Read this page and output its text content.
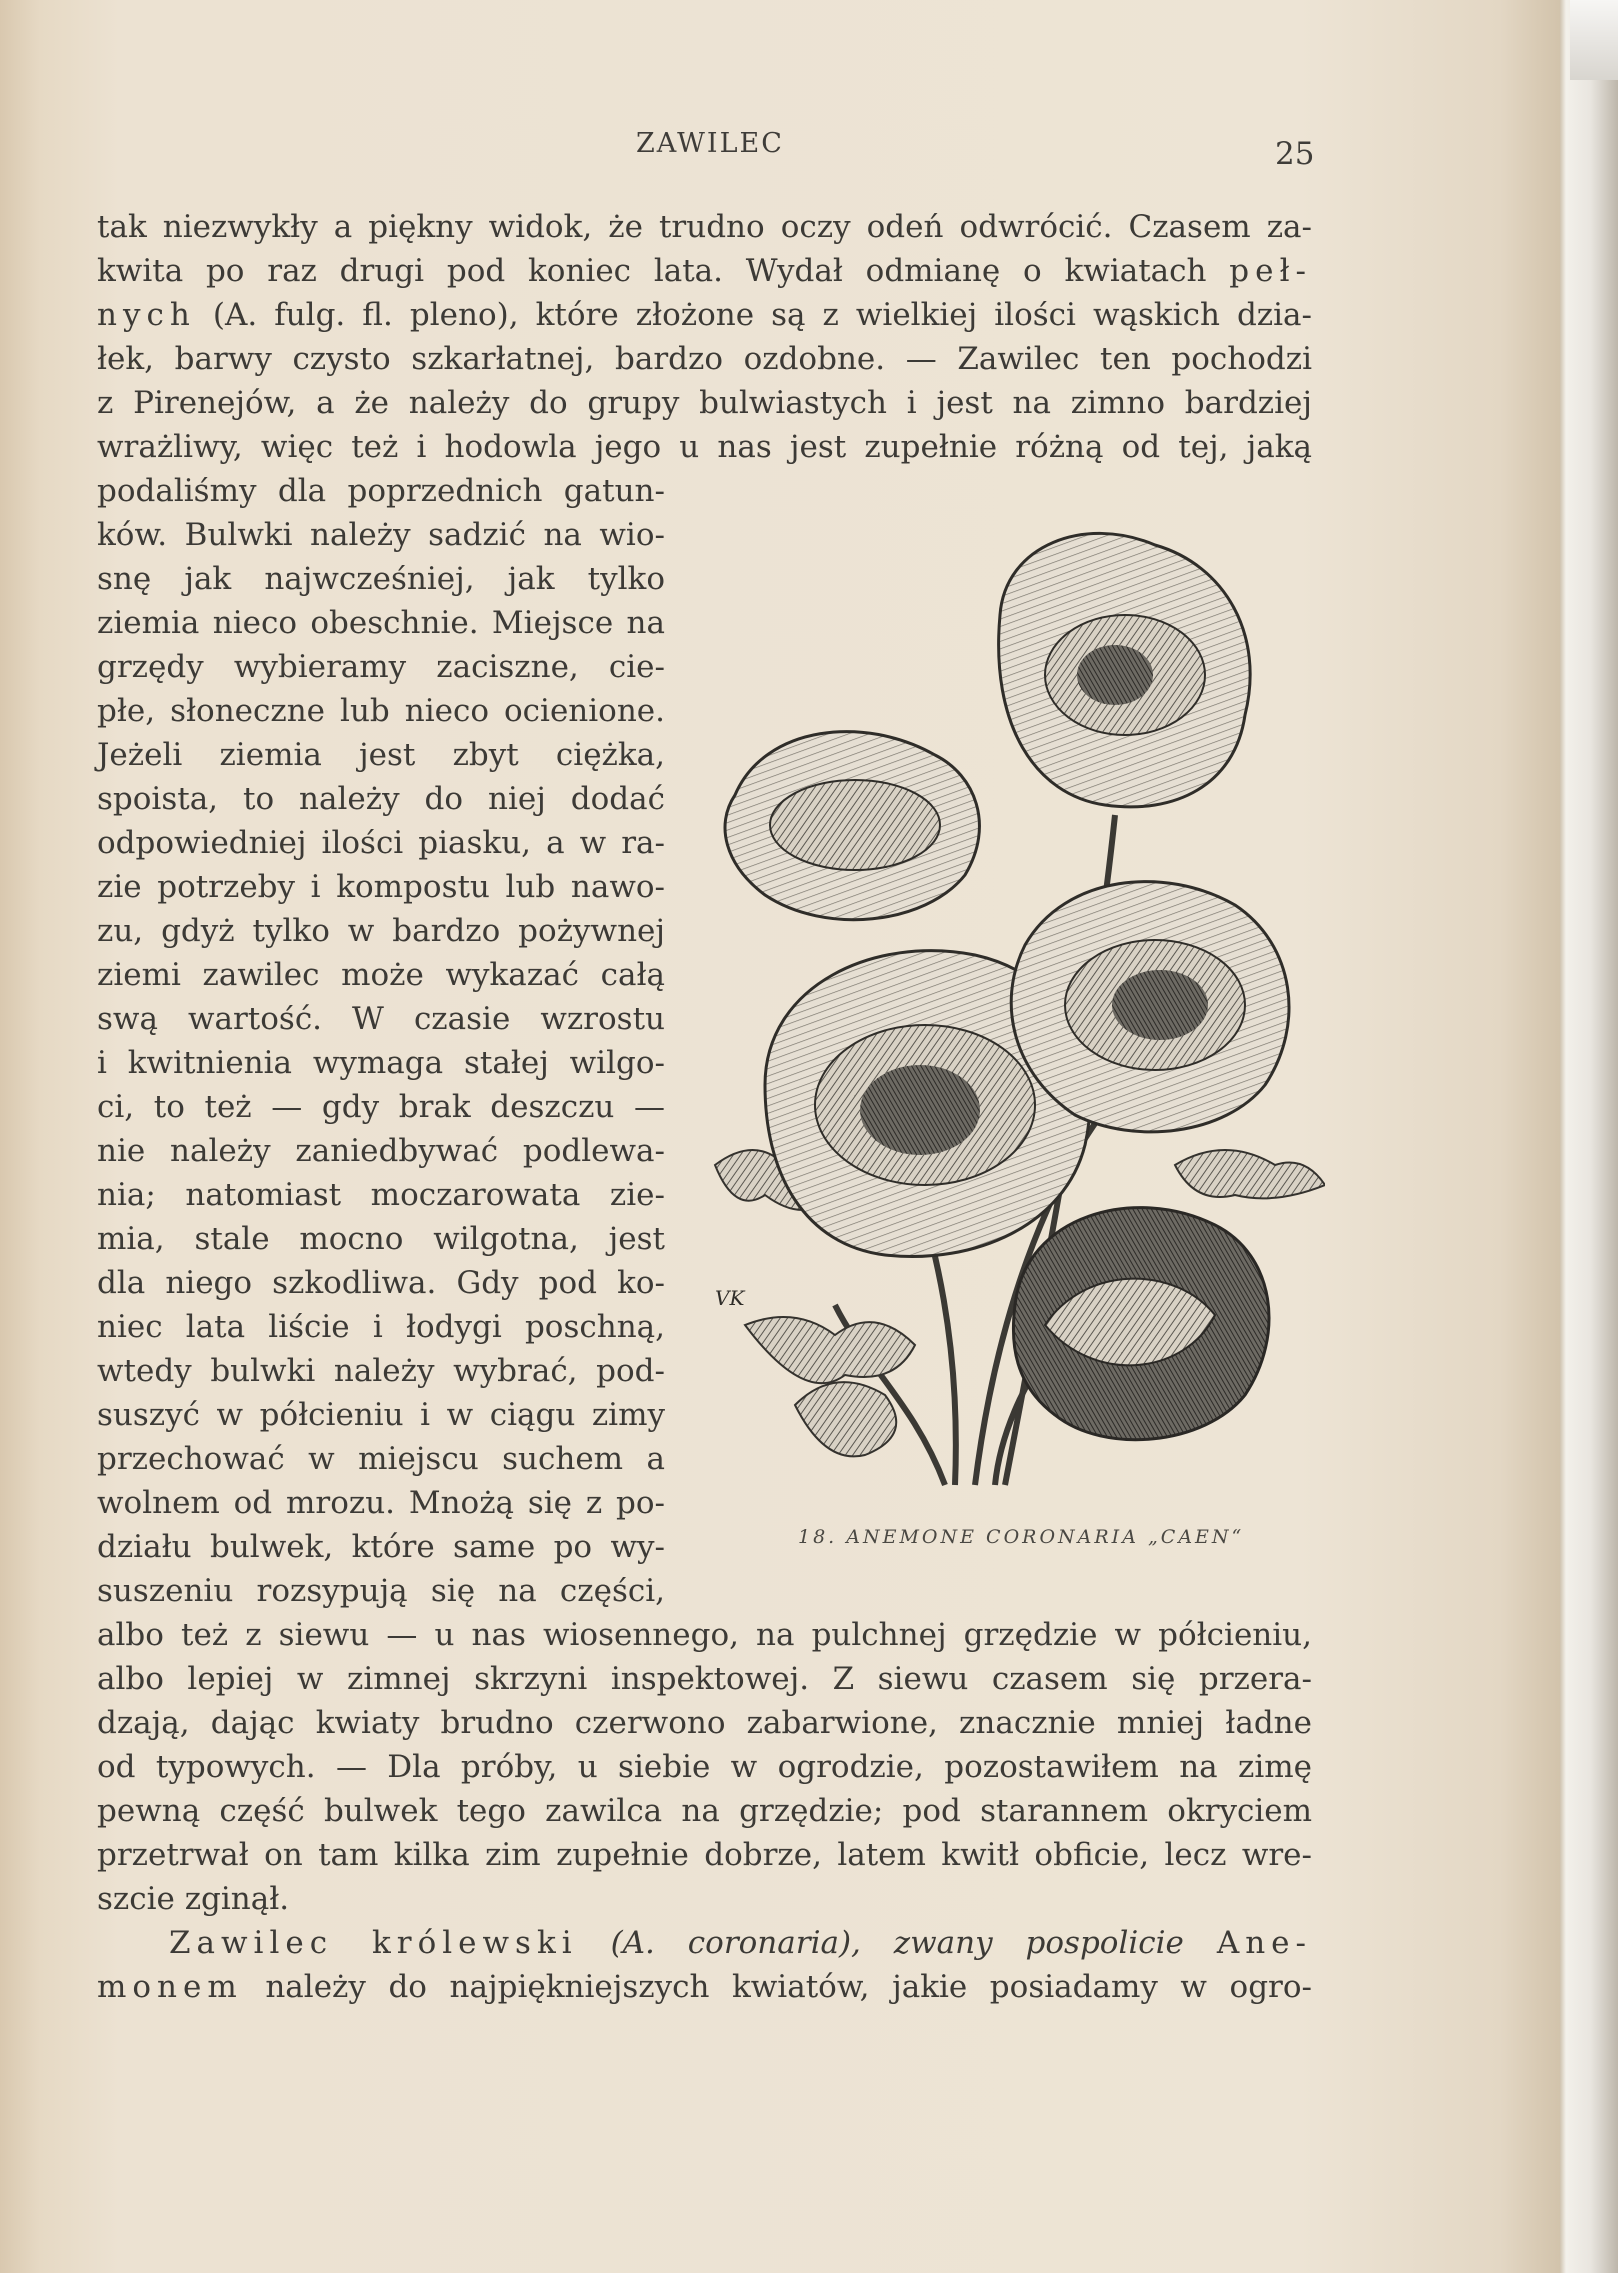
ZAWILEC	25
tak niezwykły a piękny widok, że trudno oczy odeń odwrócić. Czasem za-
kwita po raz drugi pod koniec lata. Wydał odmianę o kwiatach peł-
nych (A. fulg. fl. pleno), które złożone są z wielkiej ilości wąskich dzia-
łek, barwy czysto szkarłatnej, bardzo ozdobne. — Zawilec ten pochodzi
z Pirenejów, a że należy do grupy bulwiastych i jest na zimno bardziej
wrażliwy, więc też i hodowla jego u nas jest zupełnie różną od tej, jaką
podaliśmy dla poprzednich gatun-
ków. Bulwki należy sadzić na wio-
snę jak najwcześniej, jak tylko
ziemia nieco obeschnie. Miejsce na
grzędy wybieramy zaciszne, cie-
płe, słoneczne lub nieco ocienione.
Jeżeli ziemia jest zbyt ciężka,
spoista, to należy do niej dodać
odpowiedniej ilości piasku, a w ra-
zie potrzeby i kompostu lub nawo-
zu, gdyż tylko w bardzo pożywnej
ziemi zawilec może wykazać całą
swą wartość. W czasie wzrostu
i kwitnienia wymaga stałej wilgo-
ci, to też — gdy brak deszczu —
nie należy zaniedbywać podlewa-
nia; natomiast moczarowata zie-
mia, stale mocno wilgotna, jest
dla niego szkodliwa. Gdy pod ko-
niec lata liście i łodygi poschną,
wtedy bulwki należy wybrać, pod-
suszyć w półcieniu i w ciągu zimy
przechować w miejscu suchem a
wolnem od mrozu. Mnożą się z po-
działu bulwek, które same po wy-
suszeniu rozsypują się na części,
albo też z siewu — u nas wiosennego, na pulchnej grzędzie w półcieniu,
albo lepiej w zimnej skrzyni inspektowej. Z siewu czasem się przera-
dzają, dając kwiaty brudno czerwono zabarwione, znacznie mniej ładne
od typowych. — Dla próby, u siebie w ogrodzie, pozostawiłem na zimę
pewną część bulwek tego zawilca na grzędzie; pod starannem okryciem
przetrwał on tam kilka zim zupełnie dobrze, latem kwitł obficie, lecz wre-
szcie zginął.
Zawilec królewski (A. coronaria), zwany pospolicie Ane-
monem należy do najpiękniejszych kwiatów, jakie posiadamy w ogro-
VK
18. ANEMONE CORONARIA „CAEN“
